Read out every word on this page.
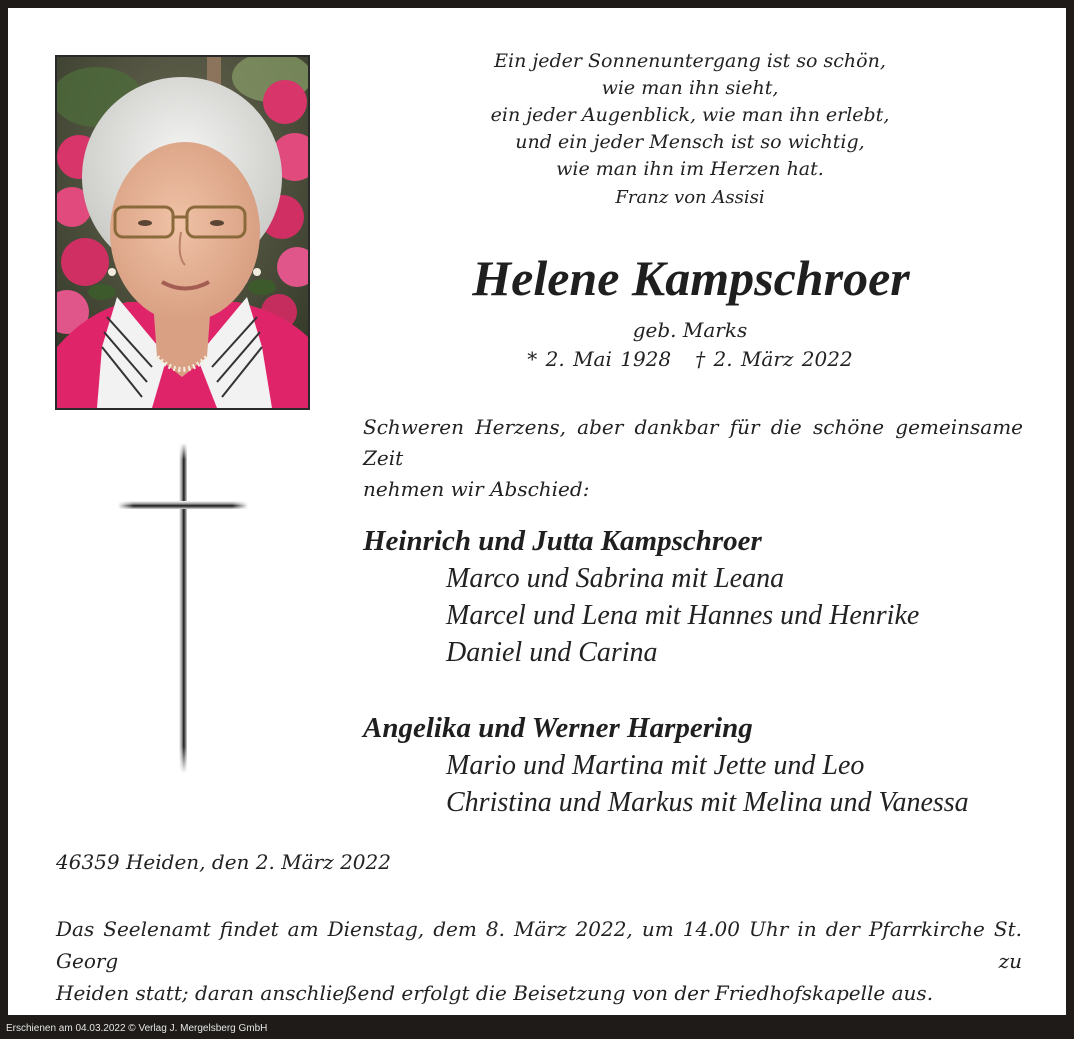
Ein jeder Sonnenuntergang ist so schön,
wie man ihn sieht,
ein jeder Augenblick, wie man ihn erlebt,
und ein jeder Mensch ist so wichtig,
wie man ihn im Herzen hat.
Franz von Assisi
Helene Kampschroer
geb. Marks
* 2. Mai 1928 † 2. März 2022
Schweren Herzens, aber dankbar für die schöne gemeinsame Zeit
nehmen wir Abschied:
Heinrich und Jutta Kampschroer
Marco und Sabrina mit Leana
Marcel und Lena mit Hannes und Henrike
Daniel und Carina
Angelika und Werner Harpering
Mario und Martina mit Jette und Leo
Christina und Markus mit Melina und Vanessa
46359 Heiden, den 2. März 2022
Das Seelenamt findet am Dienstag, dem 8. März 2022, um 14.00 Uhr in der Pfarrkirche St. Georg zu
Heiden statt; daran anschließend erfolgt die Beisetzung von der Friedhofskapelle aus.
Erschienen am 04.03.2022 © Verlag J. Mergelsberg GmbH
